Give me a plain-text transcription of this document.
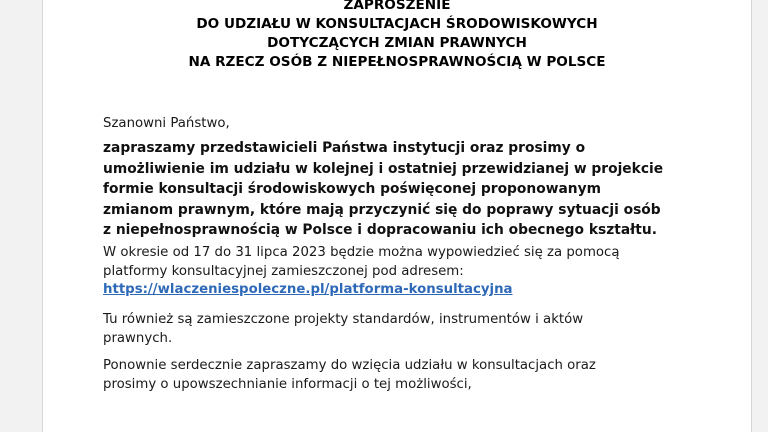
ZAPROSZENIE
DO UDZIAŁU W KONSULTACJACH ŚRODOWISKOWYCH
DOTYCZĄCYCH ZMIAN PRAWNYCH
NA RZECZ OSÓB Z NIEPEŁNOSPRAWNOŚCIĄ W POLSCE
Szanowni Państwo,
zapraszamy przedstawicieli Państwa instytucji oraz prosimy o
umożliwienie im udziału w kolejnej i ostatniej przewidzianej w projekcie
formie konsultacji środowiskowych poświęconej proponowanym
zmianom prawnym, które mają przyczynić się do poprawy sytuacji osób
z niepełnosprawnością w Polsce i dopracowaniu ich obecnego kształtu.
W okresie od 17 do 31 lipca 2023 będzie można wypowiedzieć się za pomocą
platformy konsultacyjnej zamieszczonej pod adresem:
https://wlaczeniespoleczne.pl/platforma-konsultacyjna
Tu również są zamieszczone projekty standardów, instrumentów i aktów
prawnych.
Ponownie serdecznie zapraszamy do wzięcia udziału w konsultacjach oraz
prosimy o upowszechnianie informacji o tej możliwości,
